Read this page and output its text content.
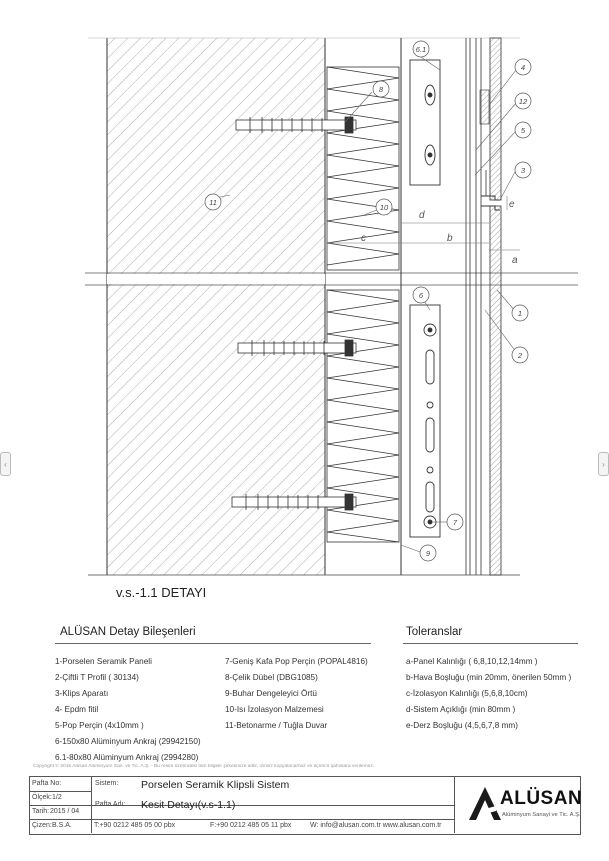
‹	›
6.1
4
8
12
5
3
11
10
6
1
2
7
9
d
b
c
e
a
v.s.-1.1 DETAYI
ALÜSAN Detay Bileşenleri
1-Porselen Seramik Paneli
2-Çiftli T Profil ( 30134)
3-Klips Aparatı
4- Epdm fitil
5-Pop Perçin (4x10mm )
6-150x80 Alüminyum Ankraj (29942150)
6.1-80x80 Alüminyum Ankraj (2994280)
7-Geniş Kafa Pop Perçin (POPAL4816)
8-Çelik Dübel (DBG1085)
9-Buhar Dengeleyici Örtü
10-Isı İzolasyon Malzemesi
11-Betonarme / Tuğla Duvar
Toleranslar
a-Panel Kalınlığı ( 6,8,10,12,14mm )
b-Hava Boşluğu (min 20mm, önerilen 50mm )
c-İzolasyon Kalınlığı (5,6,8,10cm)
d-Sistem Açıklığı (min 80mm )
e-Derz Boşluğu (4,5,6,7,8 mm)
Copyright © 2015 Alüsan Alüminyum San. ve Tic. A.Ş. - Bu resim üzerindeki tüm bilgiler şirketimize aittir, izinsiz kopyalanamaz ve üçüncü şahıslara verilemez.
Pafta No:
Ölçek: 1/2
Tarih: 2015 / 04
Çizen: B.S.A.
Sistem: Porselen Seramik Klipsli Sistem
Pafta Adı: Kesit Detayı(v.s-1.1)
T:+90 0212 485 05 00 pbx	F:+90 0212 485 05 11 pbx	W: info@alusan.com.tr www.alusan.com.tr
ALÜSAN
Alüminyum Sanayi ve Tic. A.Ş.
